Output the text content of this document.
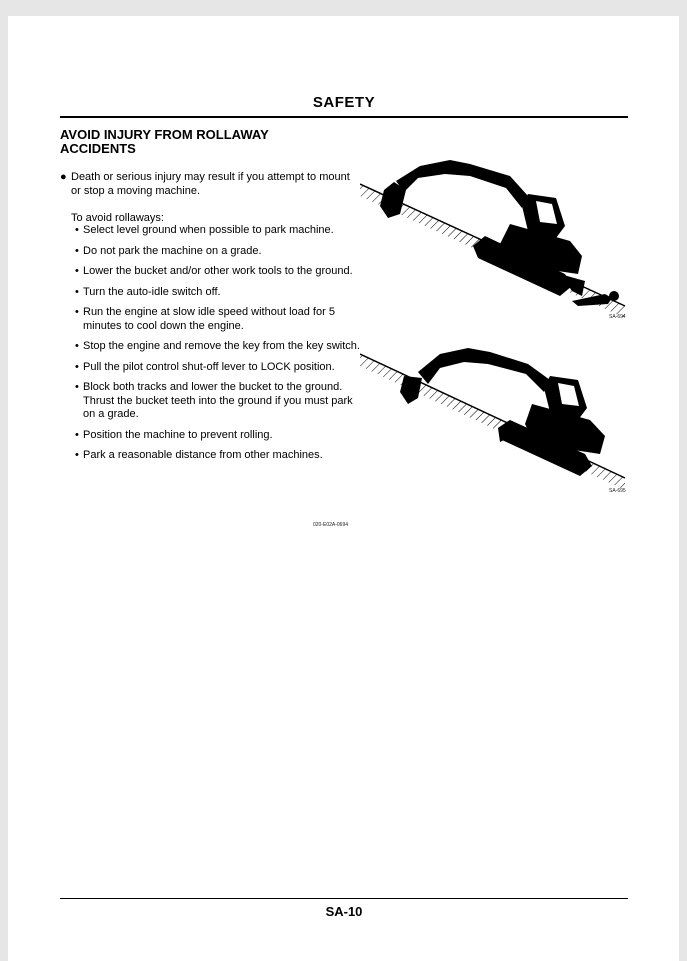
SAFETY
AVOID INJURY FROM ROLLAWAY
ACCIDENTS
● Death or serious injury may result if you attempt to mount or stop a moving machine.
To avoid rollaways:
• Select level ground when possible to park machine.
• Do not park the machine on a grade.
• Lower the bucket and/or other work tools to the ground.
• Turn the auto-idle switch off.
• Run the engine at slow idle speed without load for 5 minutes to cool down the engine.
• Stop the engine and remove the key from the key switch.
• Pull the pilot control shut-off lever to LOCK position.
• Block both tracks and lower the bucket to the ground. Thrust the bucket teeth into the ground if you must park on a grade.
• Position the machine to prevent rolling.
• Park a reasonable distance from other machines.
020-E02A-0694
SA-694
SA-695
SA-10
